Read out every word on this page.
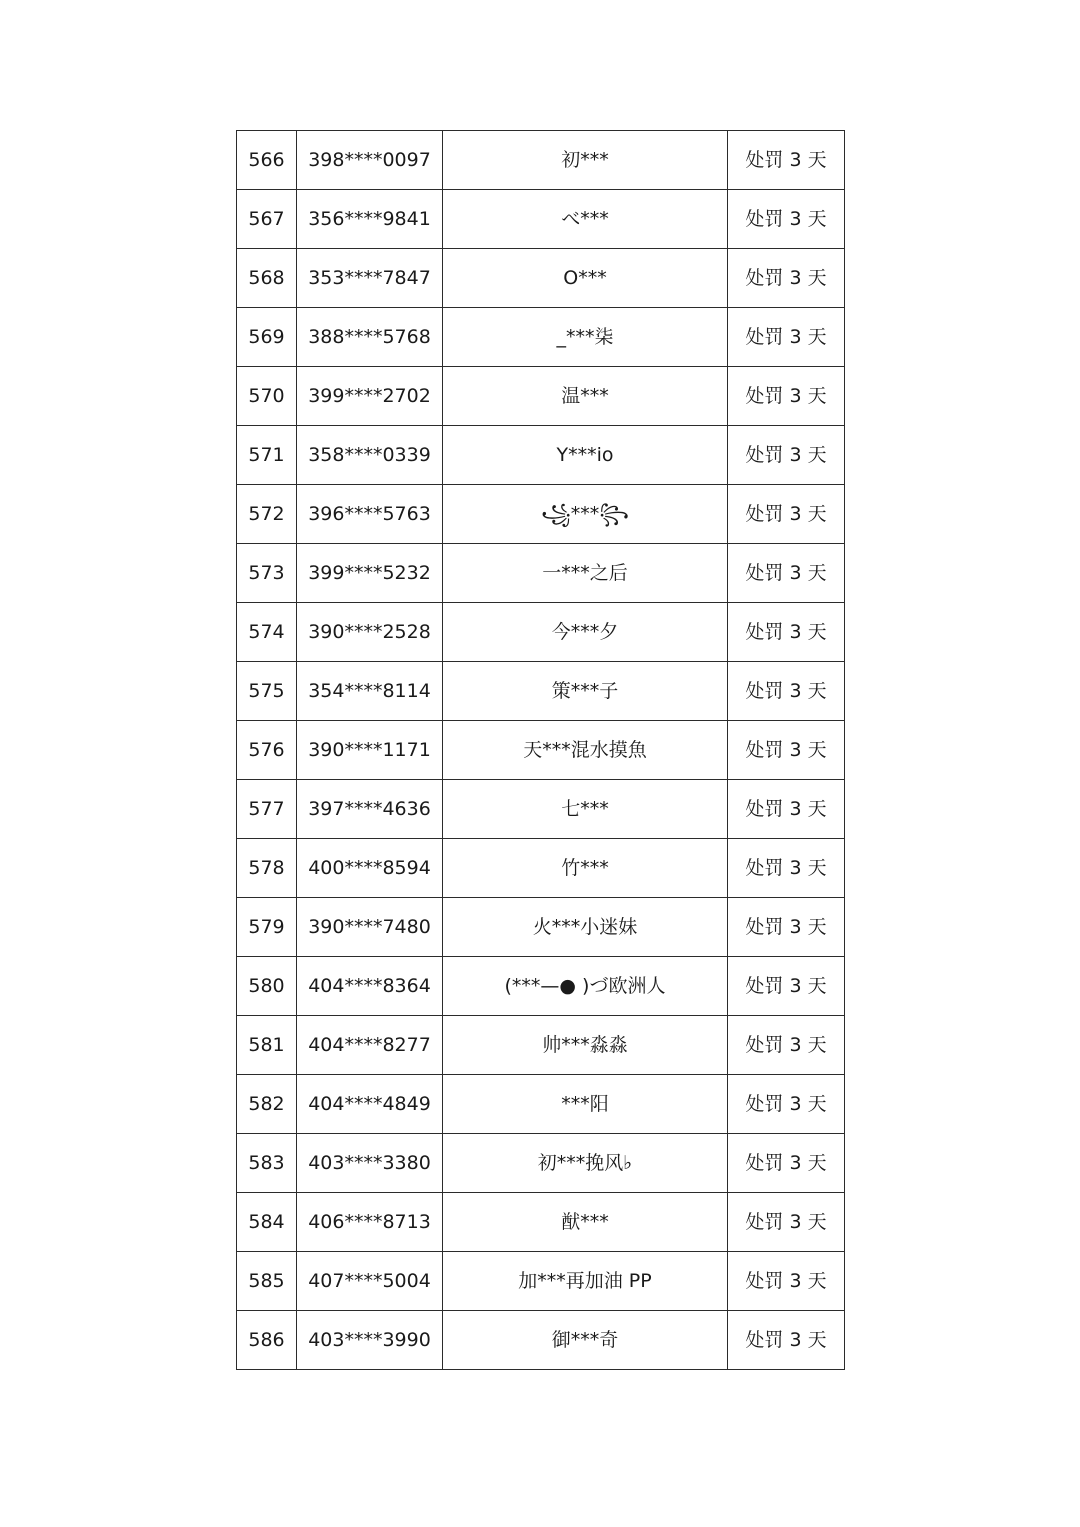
566	398****0097	初***	处罚 3 天
567	356****9841	べ***	处罚 3 天
568	353****7847	O***	处罚 3 天
569	388****5768	_***柒	处罚 3 天
570	399****2702	温***	处罚 3 天
571	358****0339	Y***io	处罚 3 天
572	396****5763	꧁***꧂	处罚 3 天
573	399****5232	一***之后	处罚 3 天
574	390****2528	今***夕	处罚 3 天
575	354****8114	策***子	处罚 3 天
576	390****1171	天***混水摸魚	处罚 3 天
577	397****4636	七***	处罚 3 天
578	400****8594	竹***	处罚 3 天
579	390****7480	火***小迷妹	处罚 3 天
580	404****8364	(***—● )づ欧洲人	处罚 3 天
581	404****8277	帅***淼淼	处罚 3 天
582	404****4849	***阳	处罚 3 天
583	403****3380	初***挽风♭	处罚 3 天
584	406****8713	猷***	处罚 3 天
585	407****5004	加***再加油 PP	处罚 3 天
586	403****3990	御***奇	处罚 3 天
